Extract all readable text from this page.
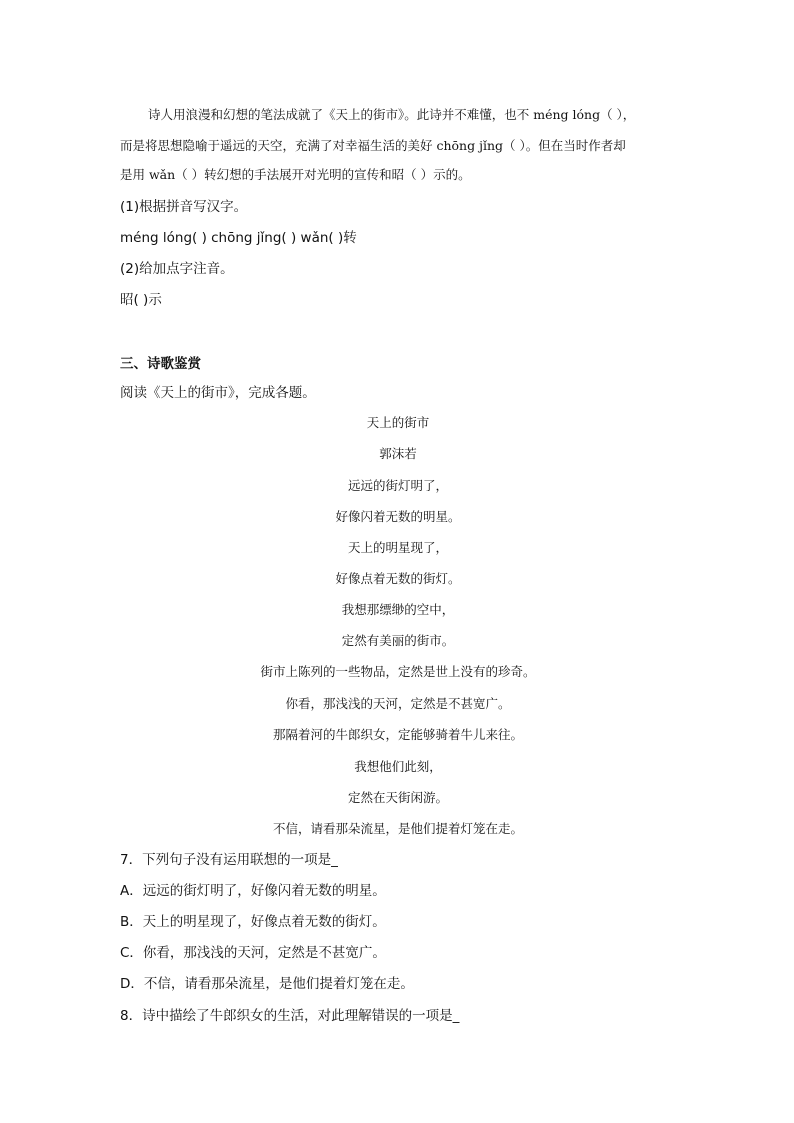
诗人用浪漫和幻想的笔法成就了《天上的街市》。此诗并不难懂，也不 méng lóng（ ），
而是将思想隐喻于遥远的天空，充满了对幸福生活的美好 chōng jǐng（ ）。但在当时作者却
是用 wǎn（ ）转幻想的手法展开对光明的宣传和昭（ ）示的。
(1)根据拼音写汉字。
méng lóng( ) chōng jǐng( ) wǎn( )转
(2)给加点字注音。
昭( )示
三、诗歌鉴赏
阅读《天上的街市》，完成各题。
天上的街市
郭沫若
远远的街灯明了，
好像闪着无数的明星。
天上的明星现了，
好像点着无数的街灯。
我想那缥缈的空中，
定然有美丽的街市。
街市上陈列的一些物品，定然是世上没有的珍奇。
你看，那浅浅的天河，定然是不甚宽广。
那隔着河的牛郎织女，定能够骑着牛儿来往。
我想他们此刻，
定然在天街闲游。
不信，请看那朵流星，是他们提着灯笼在走。
7．下列句子没有运用联想的一项是_
A．远远的街灯明了，好像闪着无数的明星。
B．天上的明星现了，好像点着无数的街灯。
C．你看，那浅浅的天河，定然是不甚宽广。
D．不信，请看那朵流星，是他们提着灯笼在走。
8．诗中描绘了牛郎织女的生活，对此理解错误的一项是_
